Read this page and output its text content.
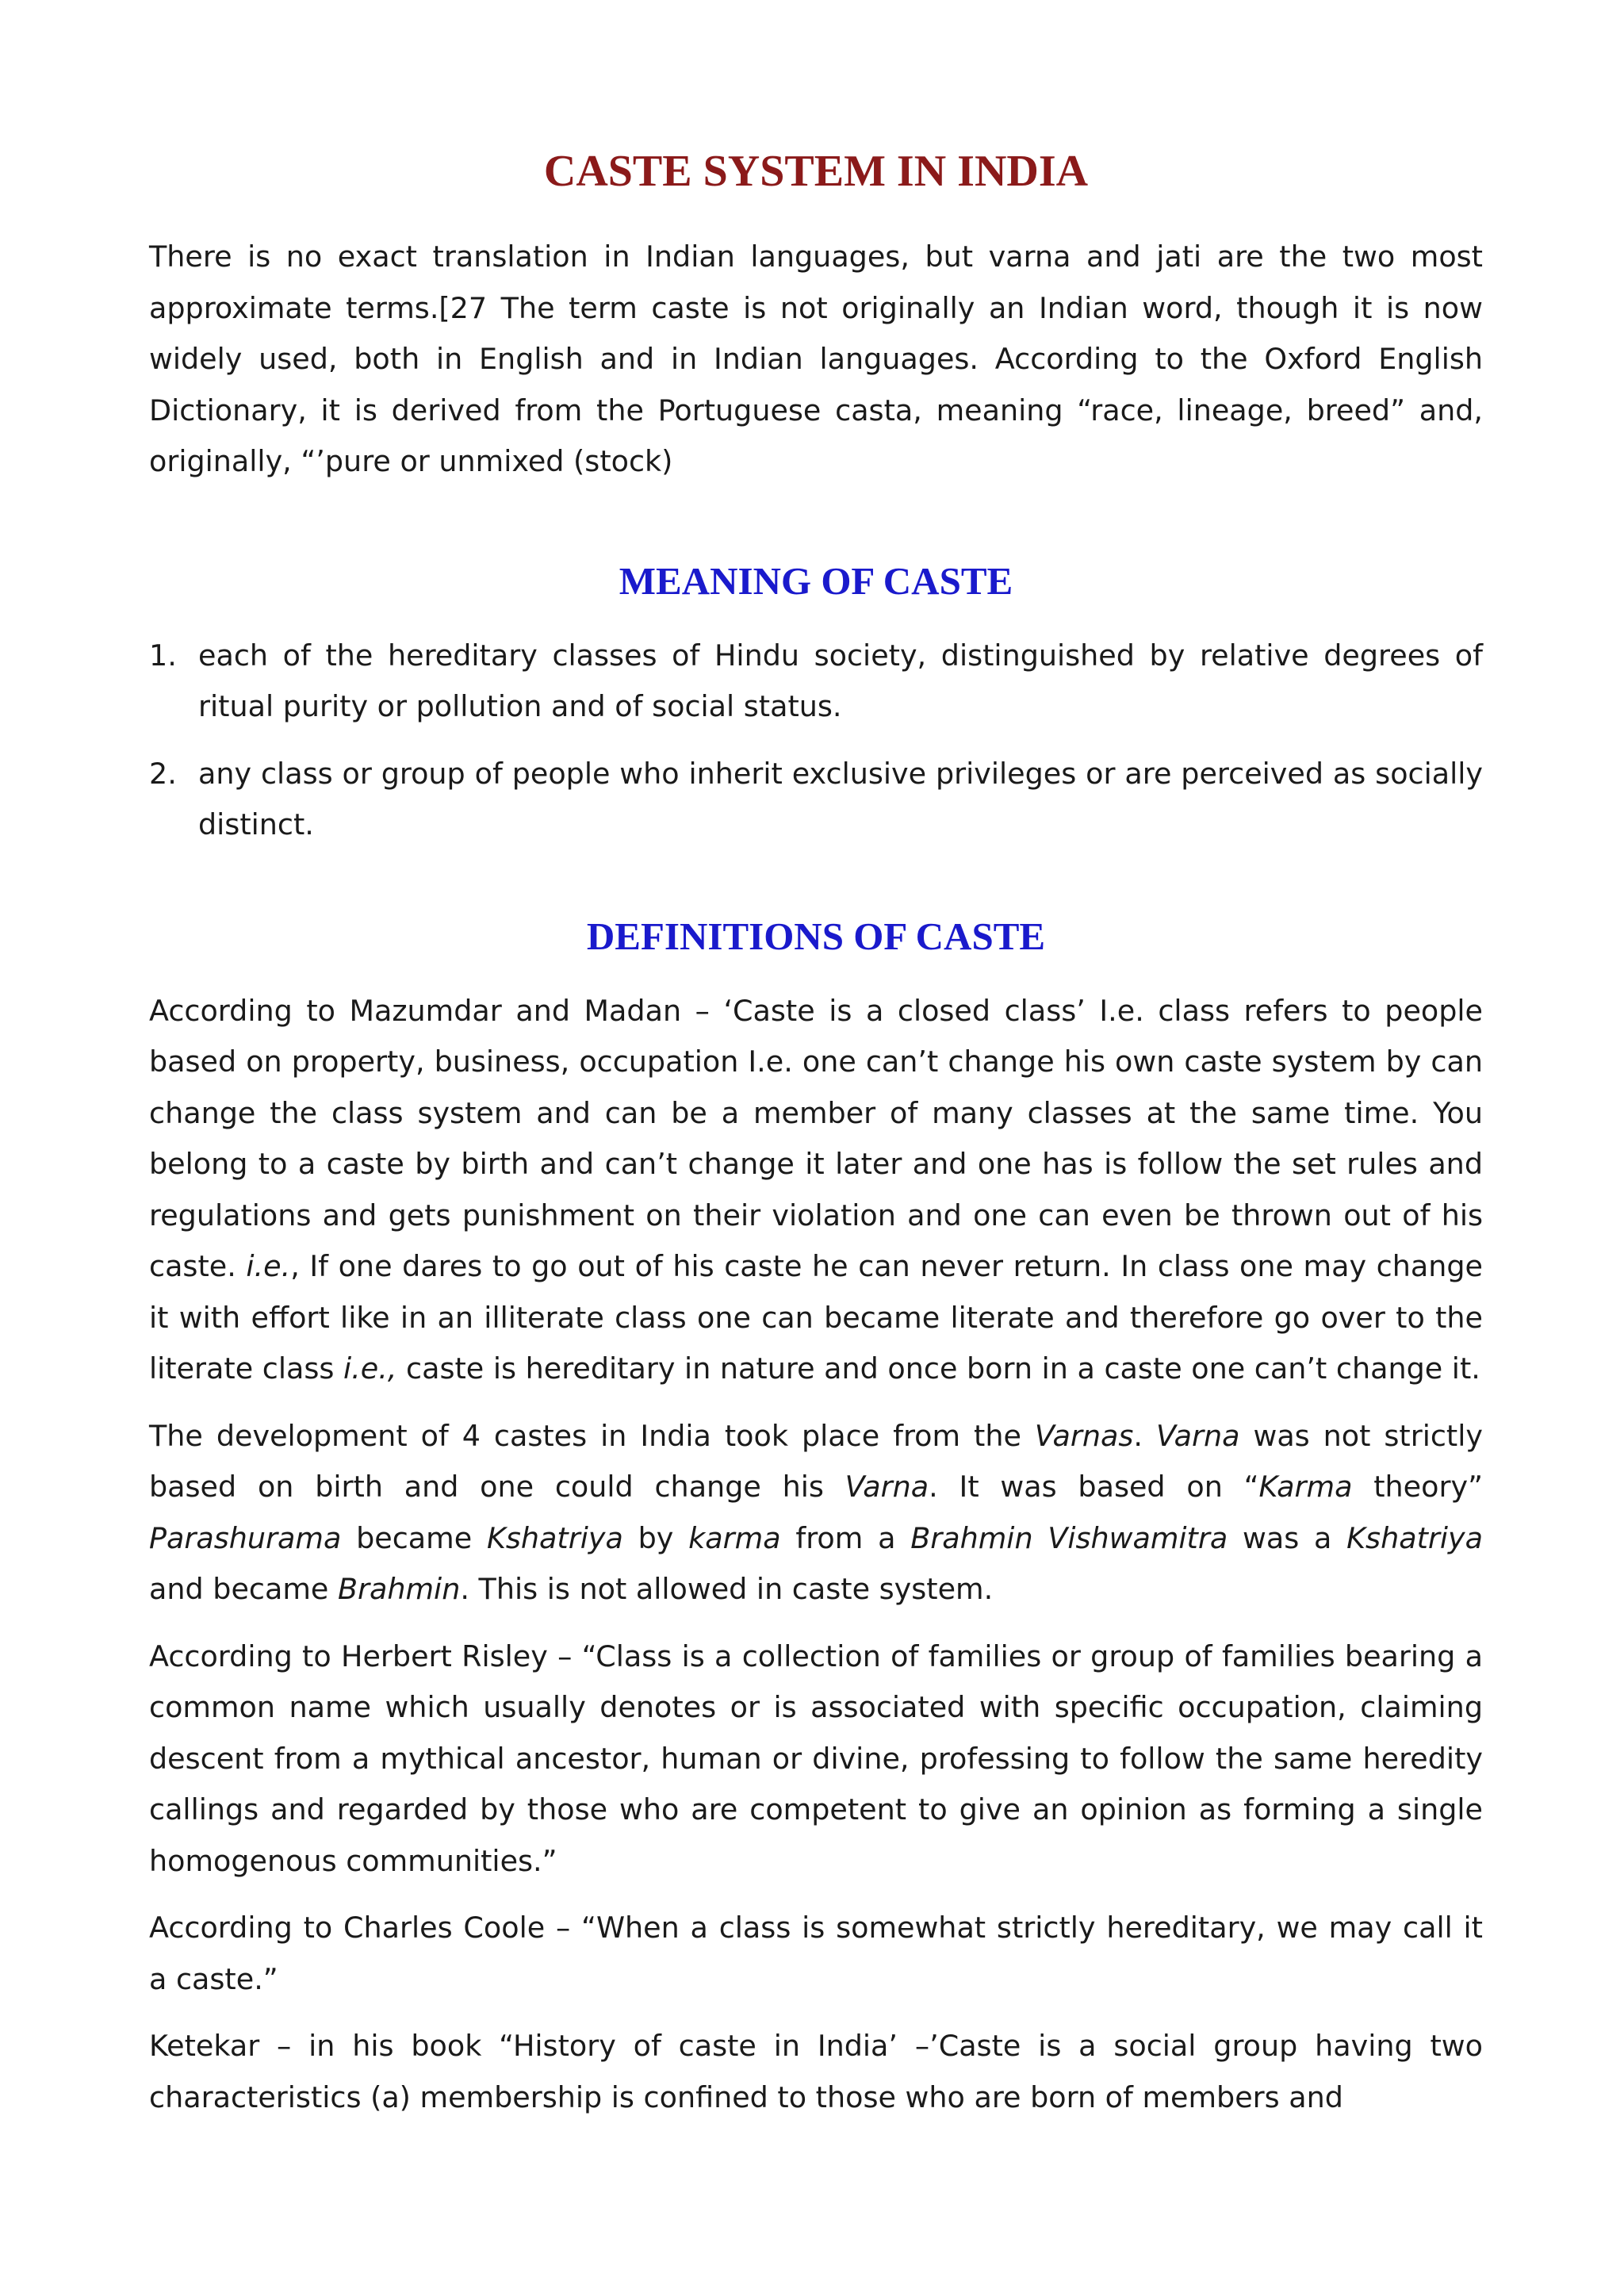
CASTE SYSTEM IN INDIA

There is no exact translation in Indian languages, but varna and jati are the two most approximate terms.[27 The term caste is not originally an Indian word, though it is now widely used, both in English and in Indian languages. According to the Oxford English Dictionary, it is derived from the Portuguese casta, meaning “race, lineage, breed” and, originally, “’pure or unmixed (stock)

MEANING OF CASTE
1. each of the hereditary classes of Hindu society, distinguished by relative degrees of ritual purity or pollution and of social status.
2. any class or group of people who inherit exclusive privileges or are perceived as socially distinct.
DEFINITIONS OF CASTE

According to Mazumdar and Madan – ‘Caste is a closed class’ I.e. class refers to people based on property, business, occupation I.e. one can’t change his own caste system by can change the class system and can be a member of many classes at the same time. You belong to a caste by birth and can’t change it later and one has is follow the set rules and regulations and gets punishment on their violation and one can even be thrown out of his caste. i.e., If one dares to go out of his caste he can never return. In class one may change it with effort like in an illiterate class one can became literate and therefore go over to the literate class i.e., caste is hereditary in nature and once born in a caste one can’t change it.

The development of 4 castes in India took place from the Varnas. Varna was not strictly based on birth and one could change his Varna. It was based on “Karma theory” Parashurama became Kshatriya by karma from a Brahmin Vishwamitra was a Kshatriya and became Brahmin. This is not allowed in caste system.

According to Herbert Risley – “Class is a collection of families or group of families bearing a common name which usually denotes or is associated with specific occupation, claiming descent from a mythical ancestor, human or divine, professing to follow the same heredity callings and regarded by those who are competent to give an opinion as forming a single homogenous communities.”

According to Charles Coole – “When a class is somewhat strictly hereditary, we may call it a caste.”

Ketekar – in his book “History of caste in India’ –’Caste is a social group having two characteristics (a) membership is confined to those who are born of members and
